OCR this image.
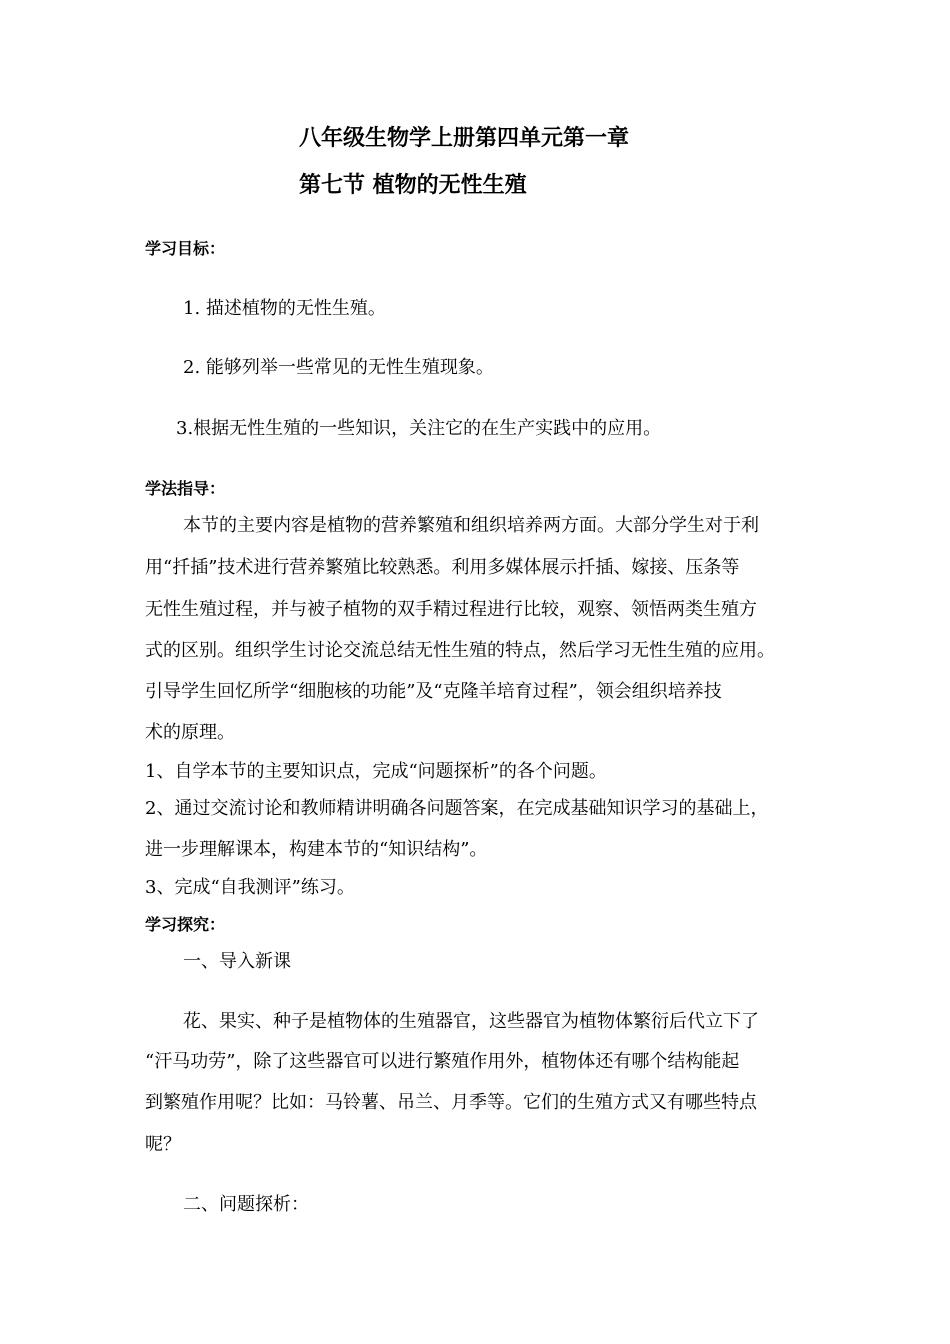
八年级生物学上册第四单元第一章
第七节 植物的无性生殖
学习目标：
1. 描述植物的无性生殖。
2. 能够列举一些常见的无性生殖现象。
3.根据无性生殖的一些知识，关注它的在生产实践中的应用。
学法指导：
本节的主要内容是植物的营养繁殖和组织培养两方面。大部分学生对于利
用“扦插”技术进行营养繁殖比较熟悉。利用多媒体展示扦插、嫁接、压条等
无性生殖过程，并与被子植物的双手精过程进行比较，观察、领悟两类生殖方
式的区别。组织学生讨论交流总结无性生殖的特点，然后学习无性生殖的应用。
引导学生回忆所学“细胞核的功能”及“克隆羊培育过程”，领会组织培养技
术的原理。
1、自学本节的主要知识点，完成“问题探析”的各个问题。
2、通过交流讨论和教师精讲明确各问题答案，在完成基础知识学习的基础上，
进一步理解课本，构建本节的“知识结构”。
3、完成“自我测评”练习。
学习探究：
一、导入新课
花、果实、种子是植物体的生殖器官，这些器官为植物体繁衍后代立下了
“汗马功劳”，除了这些器官可以进行繁殖作用外，植物体还有哪个结构能起
到繁殖作用呢？比如：马铃薯、吊兰、月季等。它们的生殖方式又有哪些特点
呢？
二、问题探析：
